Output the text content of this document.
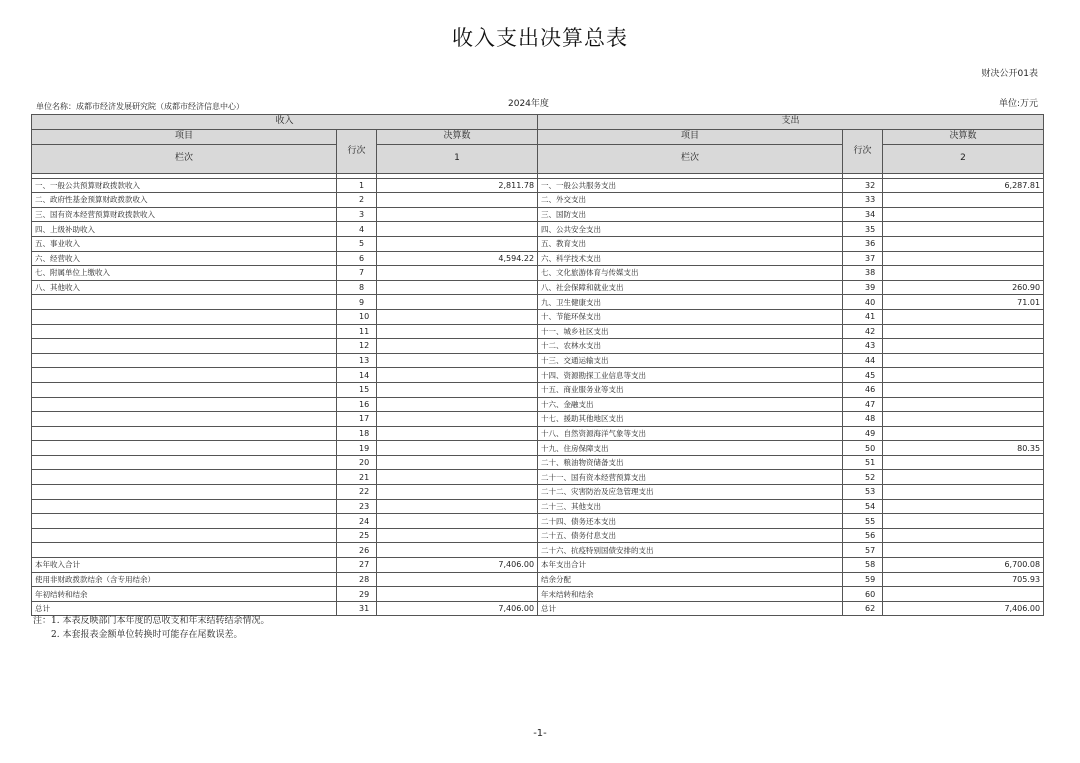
收入支出决算总表
财决公开01表
单位名称：成都市经济发展研究院（成都市经济信息中心）	2024年度	单位:万元
收入			支出		
项目	行次	决算数	项目	行次	决算数
栏次		1	栏次		2

一、一般公共预算财政拨款收入	1	2,811.78	一、一般公共服务支出	32	6,287.81
二、政府性基金预算财政拨款收入	2		二、外交支出	33	
三、国有资本经营预算财政拨款收入	3		三、国防支出	34	
四、上级补助收入	4		四、公共安全支出	35	
五、事业收入	5		五、教育支出	36	
六、经营收入	6	4,594.22	六、科学技术支出	37	
七、附属单位上缴收入	7		七、文化旅游体育与传媒支出	38	
八、其他收入	8		八、社会保障和就业支出	39	260.90
	9		九、卫生健康支出	40	71.01
	10		十、节能环保支出	41	
	11		十一、城乡社区支出	42	
	12		十二、农林水支出	43	
	13		十三、交通运输支出	44	
	14		十四、资源勘探工业信息等支出	45	
	15		十五、商业服务业等支出	46	
	16		十六、金融支出	47	
	17		十七、援助其他地区支出	48	
	18		十八、自然资源海洋气象等支出	49	
	19		十九、住房保障支出	50	80.35
	20		二十、粮油物资储备支出	51	
	21		二十一、国有资本经营预算支出	52	
	22		二十二、灾害防治及应急管理支出	53	
	23		二十三、其他支出	54	
	24		二十四、债务还本支出	55	
	25		二十五、债务付息支出	56	
	26		二十六、抗疫特别国债安排的支出	57	
本年收入合计	27	7,406.00	本年支出合计	58	6,700.08
使用非财政拨款结余（含专用结余）	28		结余分配	59	705.93
年初结转和结余	29		年末结转和结余	60	
总计	31	7,406.00	总计	62	7,406.00
注：1. 本表反映部门本年度的总收支和年末结转结余情况。
2. 本套报表金额单位转换时可能存在尾数误差。
-1-
